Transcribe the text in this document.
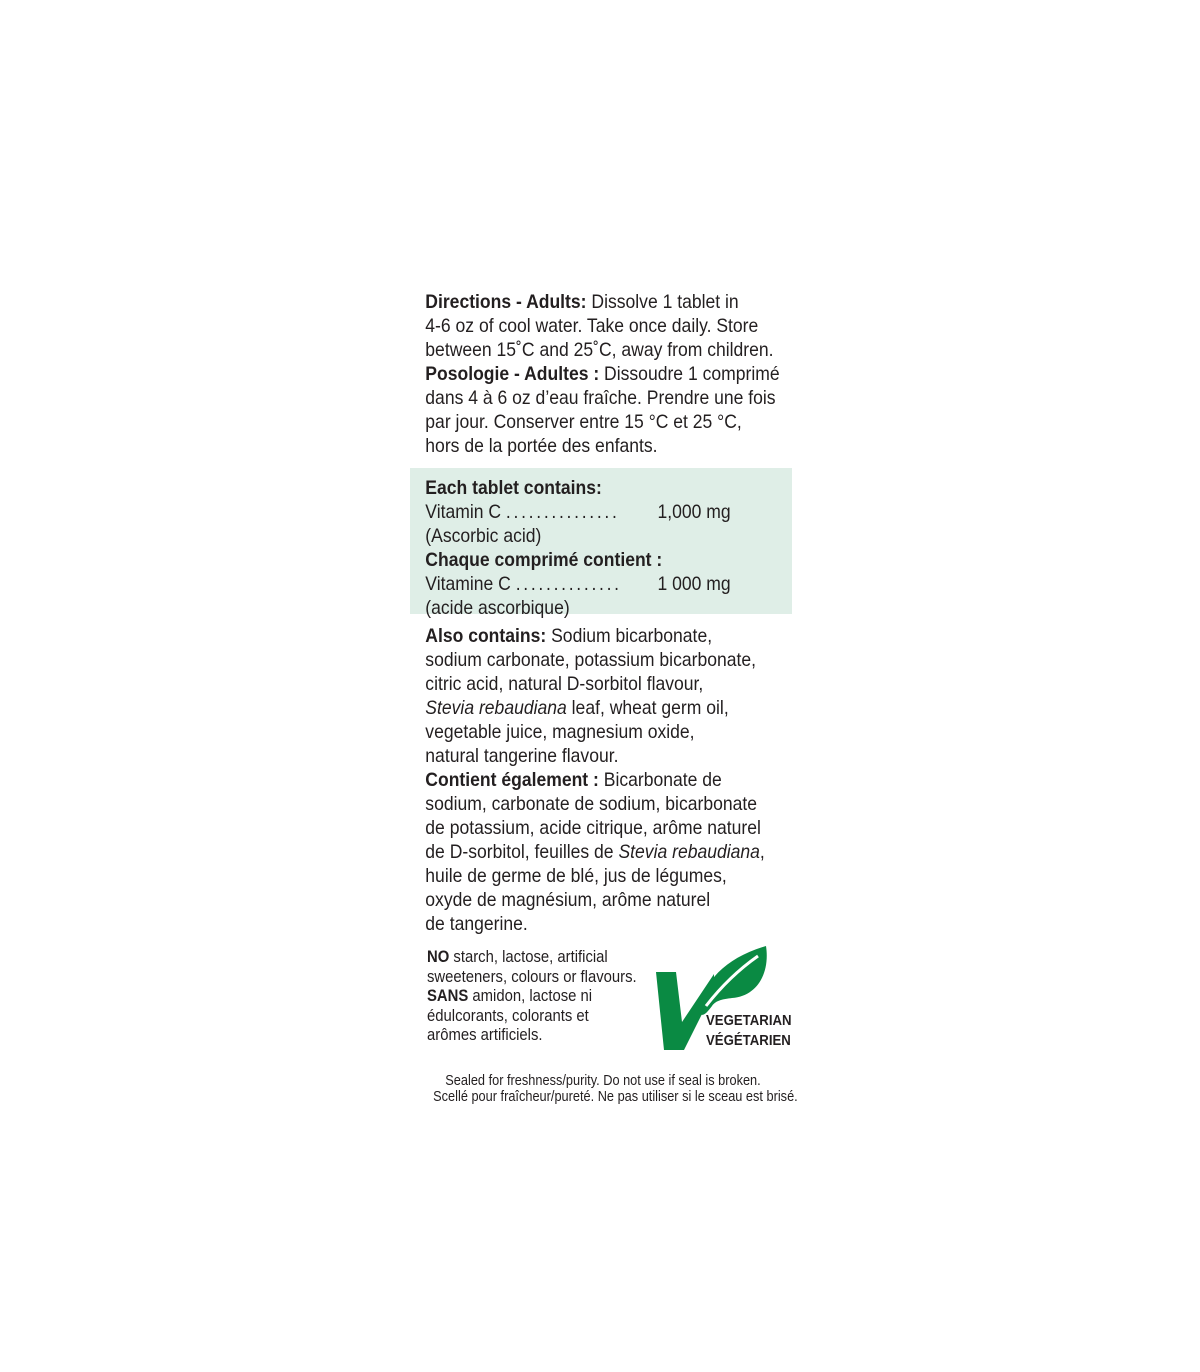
Directions - Adults: Dissolve 1 tablet in
4-6 oz of cool water. Take once daily. Store
between 15˚C and 25˚C, away from children.
Posologie - Adultes : Dissoudre 1 comprimé
dans 4 à 6 oz d’eau fraîche. Prendre une fois
par jour. Conserver entre 15 °C et 25 °C,
hors de la portée des enfants.
Each tablet contains:
Vitamin C ............... 1,000 mg
(Ascorbic acid)
Chaque comprimé contient :
Vitamine C .............. 1 000 mg
(acide ascorbique)
Also contains: Sodium bicarbonate,
sodium carbonate, potassium bicarbonate,
citric acid, natural D-sorbitol flavour,
Stevia rebaudiana leaf, wheat germ oil,
vegetable juice, magnesium oxide,
natural tangerine flavour.
Contient également : Bicarbonate de
sodium, carbonate de sodium, bicarbonate
de potassium, acide citrique, arôme naturel
de D-sorbitol, feuilles de Stevia rebaudiana,
huile de germe de blé, jus de légumes,
oxyde de magnésium, arôme naturel
de tangerine.
NO starch, lactose, artificial
sweeteners, colours or flavours.
SANS amidon, lactose ni
édulcorants, colorants et
arômes artificiels.
VEGETARIAN
VÉGÉTARIEN
Sealed for freshness/purity. Do not use if seal is broken.
Scellé pour fraîcheur/pureté. Ne pas utiliser si le sceau est brisé.
